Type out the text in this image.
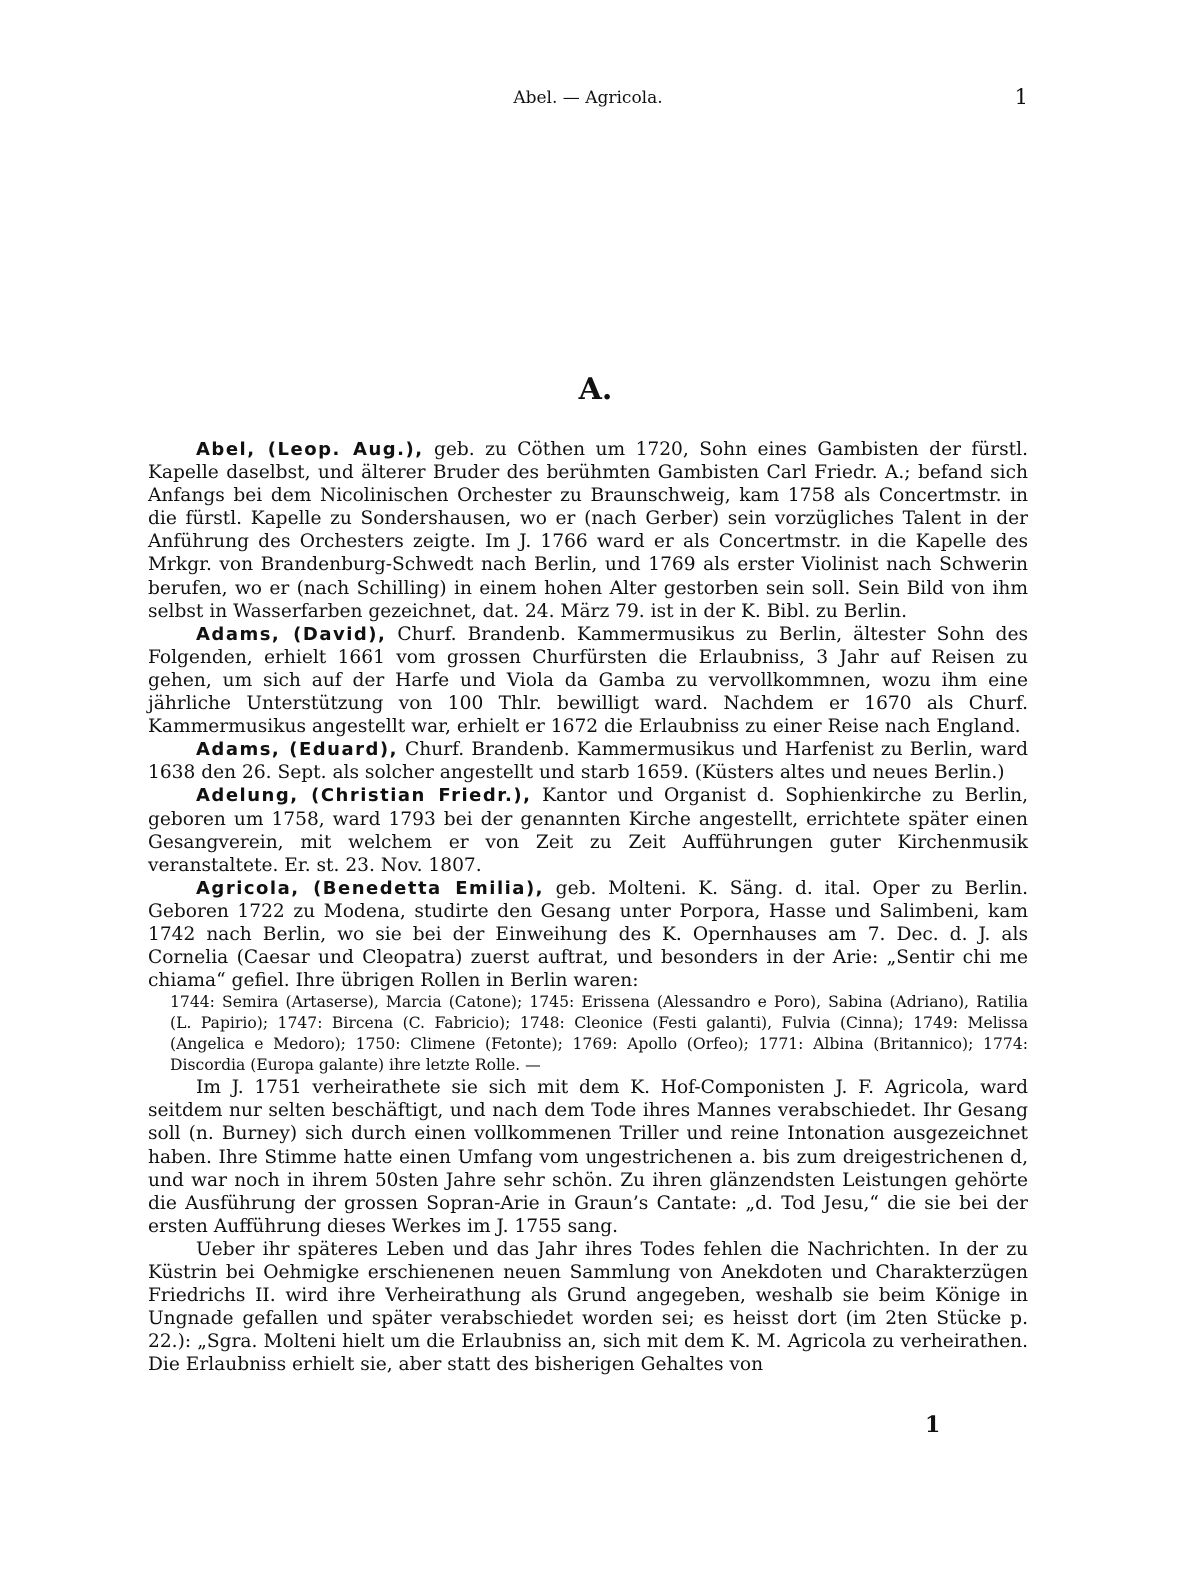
Abel. — Agricola.	1
A.

Abel, (Leop. Aug.), geb. zu Cöthen um 1720, Sohn eines Gambisten der fürstl. Kapelle daselbst, und älterer Bruder des berühmten Gambisten Carl Friedr. A.; befand sich Anfangs bei dem Nicolinischen Orchester zu Braunschweig, kam 1758 als Concertmstr. in die fürstl. Kapelle zu Sondershausen, wo er (nach Gerber) sein vorzügliches Talent in der Anführung des Orchesters zeigte. Im J. 1766 ward er als Concertmstr. in die Kapelle des Mrkgr. von Brandenburg-Schwedt nach Berlin, und 1769 als erster Violinist nach Schwerin berufen, wo er (nach Schilling) in einem hohen Alter gestorben sein soll. Sein Bild von ihm selbst in Wasserfarben gezeichnet, dat. 24. März 79. ist in der K. Bibl. zu Berlin.

Adams, (David), Churf. Brandenb. Kammermusikus zu Berlin, ältester Sohn des Folgenden, erhielt 1661 vom grossen Churfürsten die Erlaubniss, 3 Jahr auf Reisen zu gehen, um sich auf der Harfe und Viola da Gamba zu vervollkommnen, wozu ihm eine jährliche Unterstützung von 100 Thlr. bewilligt ward. Nachdem er 1670 als Churf. Kammermusikus angestellt war, erhielt er 1672 die Erlaubniss zu einer Reise nach England.

Adams, (Eduard), Churf. Brandenb. Kammermusikus und Harfenist zu Berlin, ward 1638 den 26. Sept. als solcher angestellt und starb 1659. (Küsters altes und neues Berlin.)

Adelung, (Christian Friedr.), Kantor und Organist d. Sophienkirche zu Berlin, geboren um 1758, ward 1793 bei der genannten Kirche angestellt, errichtete später einen Gesangverein, mit welchem er von Zeit zu Zeit Aufführungen guter Kirchenmusik veranstaltete. Er. st. 23. Nov. 1807.

Agricola, (Benedetta Emilia), geb. Molteni. K. Säng. d. ital. Oper zu Berlin. Geboren 1722 zu Modena, studirte den Gesang unter Porpora, Hasse und Salimbeni, kam 1742 nach Berlin, wo sie bei der Einweihung des K. Opernhauses am 7. Dec. d. J. als Cornelia (Caesar und Cleopatra) zuerst auftrat, und besonders in der Arie: „Sentir chi me chiama“ gefiel. Ihre übrigen Rollen in Berlin waren:

1744: Semira (Artaserse), Marcia (Catone); 1745: Erissena (Alessandro e Poro), Sabina (Adriano), Ratilia (L. Papirio); 1747: Bircena (C. Fabricio); 1748: Cleonice (Festi galanti), Fulvia (Cinna); 1749: Melissa (Angelica e Medoro); 1750: Climene (Fetonte); 1769: Apollo (Orfeo); 1771: Albina (Britannico); 1774: Discordia (Europa galante) ihre letzte Rolle. —

Im J. 1751 verheirathete sie sich mit dem K. Hof-Componisten J. F. Agricola, ward seitdem nur selten beschäftigt, und nach dem Tode ihres Mannes verabschiedet. Ihr Gesang soll (n. Burney) sich durch einen vollkommenen Triller und reine Intonation ausgezeichnet haben. Ihre Stimme hatte einen Umfang vom ungestrichenen a. bis zum dreigestrichenen d, und war noch in ihrem 50sten Jahre sehr schön. Zu ihren glänzendsten Leistungen gehörte die Ausführung der grossen Sopran-Arie in Graun’s Cantate: „d. Tod Jesu,“ die sie bei der ersten Aufführung dieses Werkes im J. 1755 sang.

Ueber ihr späteres Leben und das Jahr ihres Todes fehlen die Nachrichten. In der zu Küstrin bei Oehmigke erschienenen neuen Sammlung von Anekdoten und Charakterzügen Friedrichs II. wird ihre Verheirathung als Grund angegeben, weshalb sie beim Könige in Ungnade gefallen und später verabschiedet worden sei; es heisst dort (im 2ten Stücke p. 22.): „Sgra. Molteni hielt um die Erlaubniss an, sich mit dem K. M. Agricola zu verheirathen. Die Erlaubniss erhielt sie, aber statt des bisherigen Gehaltes von

1
